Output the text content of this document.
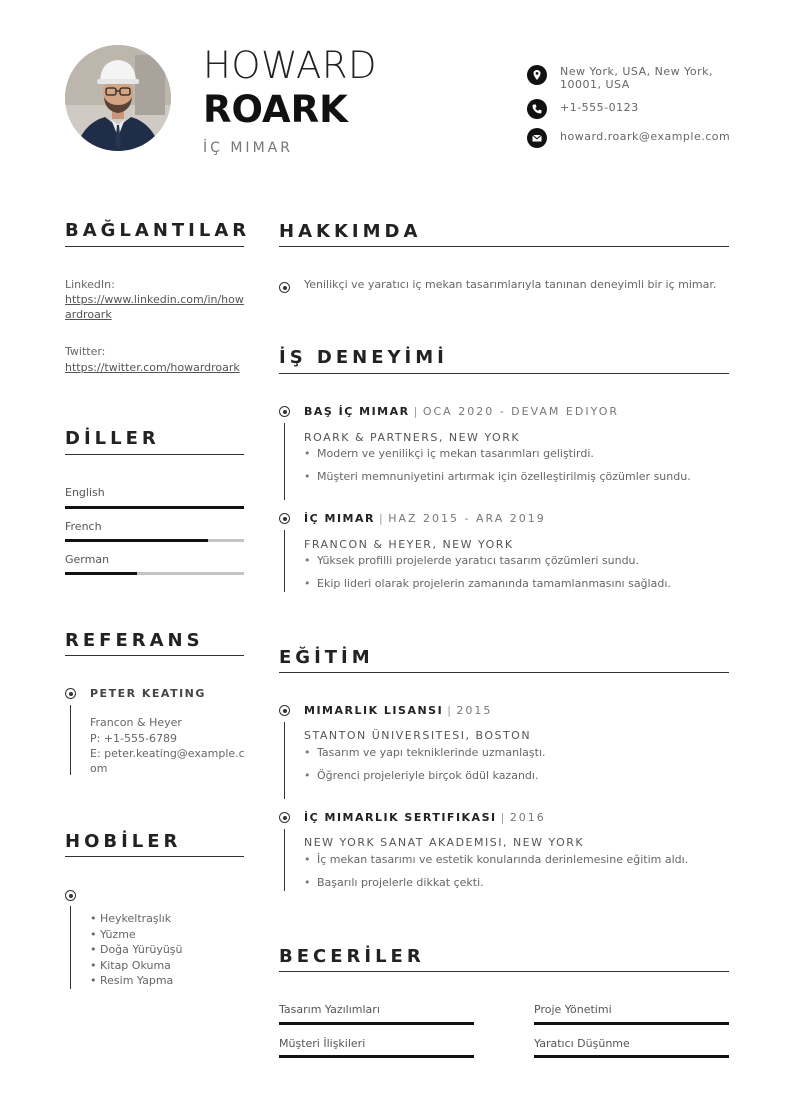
HOWARD
ROARK
İÇ MIMAR
New York, USA, New York, 10001, USA
+1-555-0123
howard.roark@example.com
BAĞLANTILAR
LinkedIn:
https://www.linkedin.com/in/howardroark
Twitter:
https://twitter.com/howardroark
DİLLER
English
French
German
REFERANS
PETER KEATING
Francon & Heyer
P: +1-555-6789
E: peter.keating@example.com
HOBİLER
• Heykeltraşlık
• Yüzme
• Doğa Yürüyüşü
• Kitap Okuma
• Resim Yapma
HAKKIMDA
Yenilikçi ve yaratıcı iç mekan tasarımlarıyla tanınan deneyimli bir iç mimar.
İŞ DENEYİMİ
BAŞ İÇ MIMAR | OCA 2020 - DEVAM EDIYOR
ROARK & PARTNERS, NEW YORK
• Modern ve yenilikçi iç mekan tasarımları geliştirdi.
• Müşteri memnuniyetini artırmak için özelleştirilmiş çözümler sundu.
İÇ MIMAR | HAZ 2015 - ARA 2019
FRANCON & HEYER, NEW YORK
• Yüksek profilli projelerde yaratıcı tasarım çözümleri sundu.
• Ekip lideri olarak projelerin zamanında tamamlanmasını sağladı.
EĞİTİM
MIMARLIK LISANSI | 2015
STANTON ÜNIVERSITESI, BOSTON
• Tasarım ve yapı tekniklerinde uzmanlaştı.
• Öğrenci projeleriyle birçok ödül kazandı.
İÇ MIMARLIK SERTIFIKASI | 2016
NEW YORK SANAT AKADEMISI, NEW YORK
• İç mekan tasarımı ve estetik konularında derinlemesine eğitim aldı.
• Başarılı projelerle dikkat çekti.
BECERİLER
Tasarım Yazılımları	Proje Yönetimi
Müşteri İlişkileri	Yaratıcı Düşünme
